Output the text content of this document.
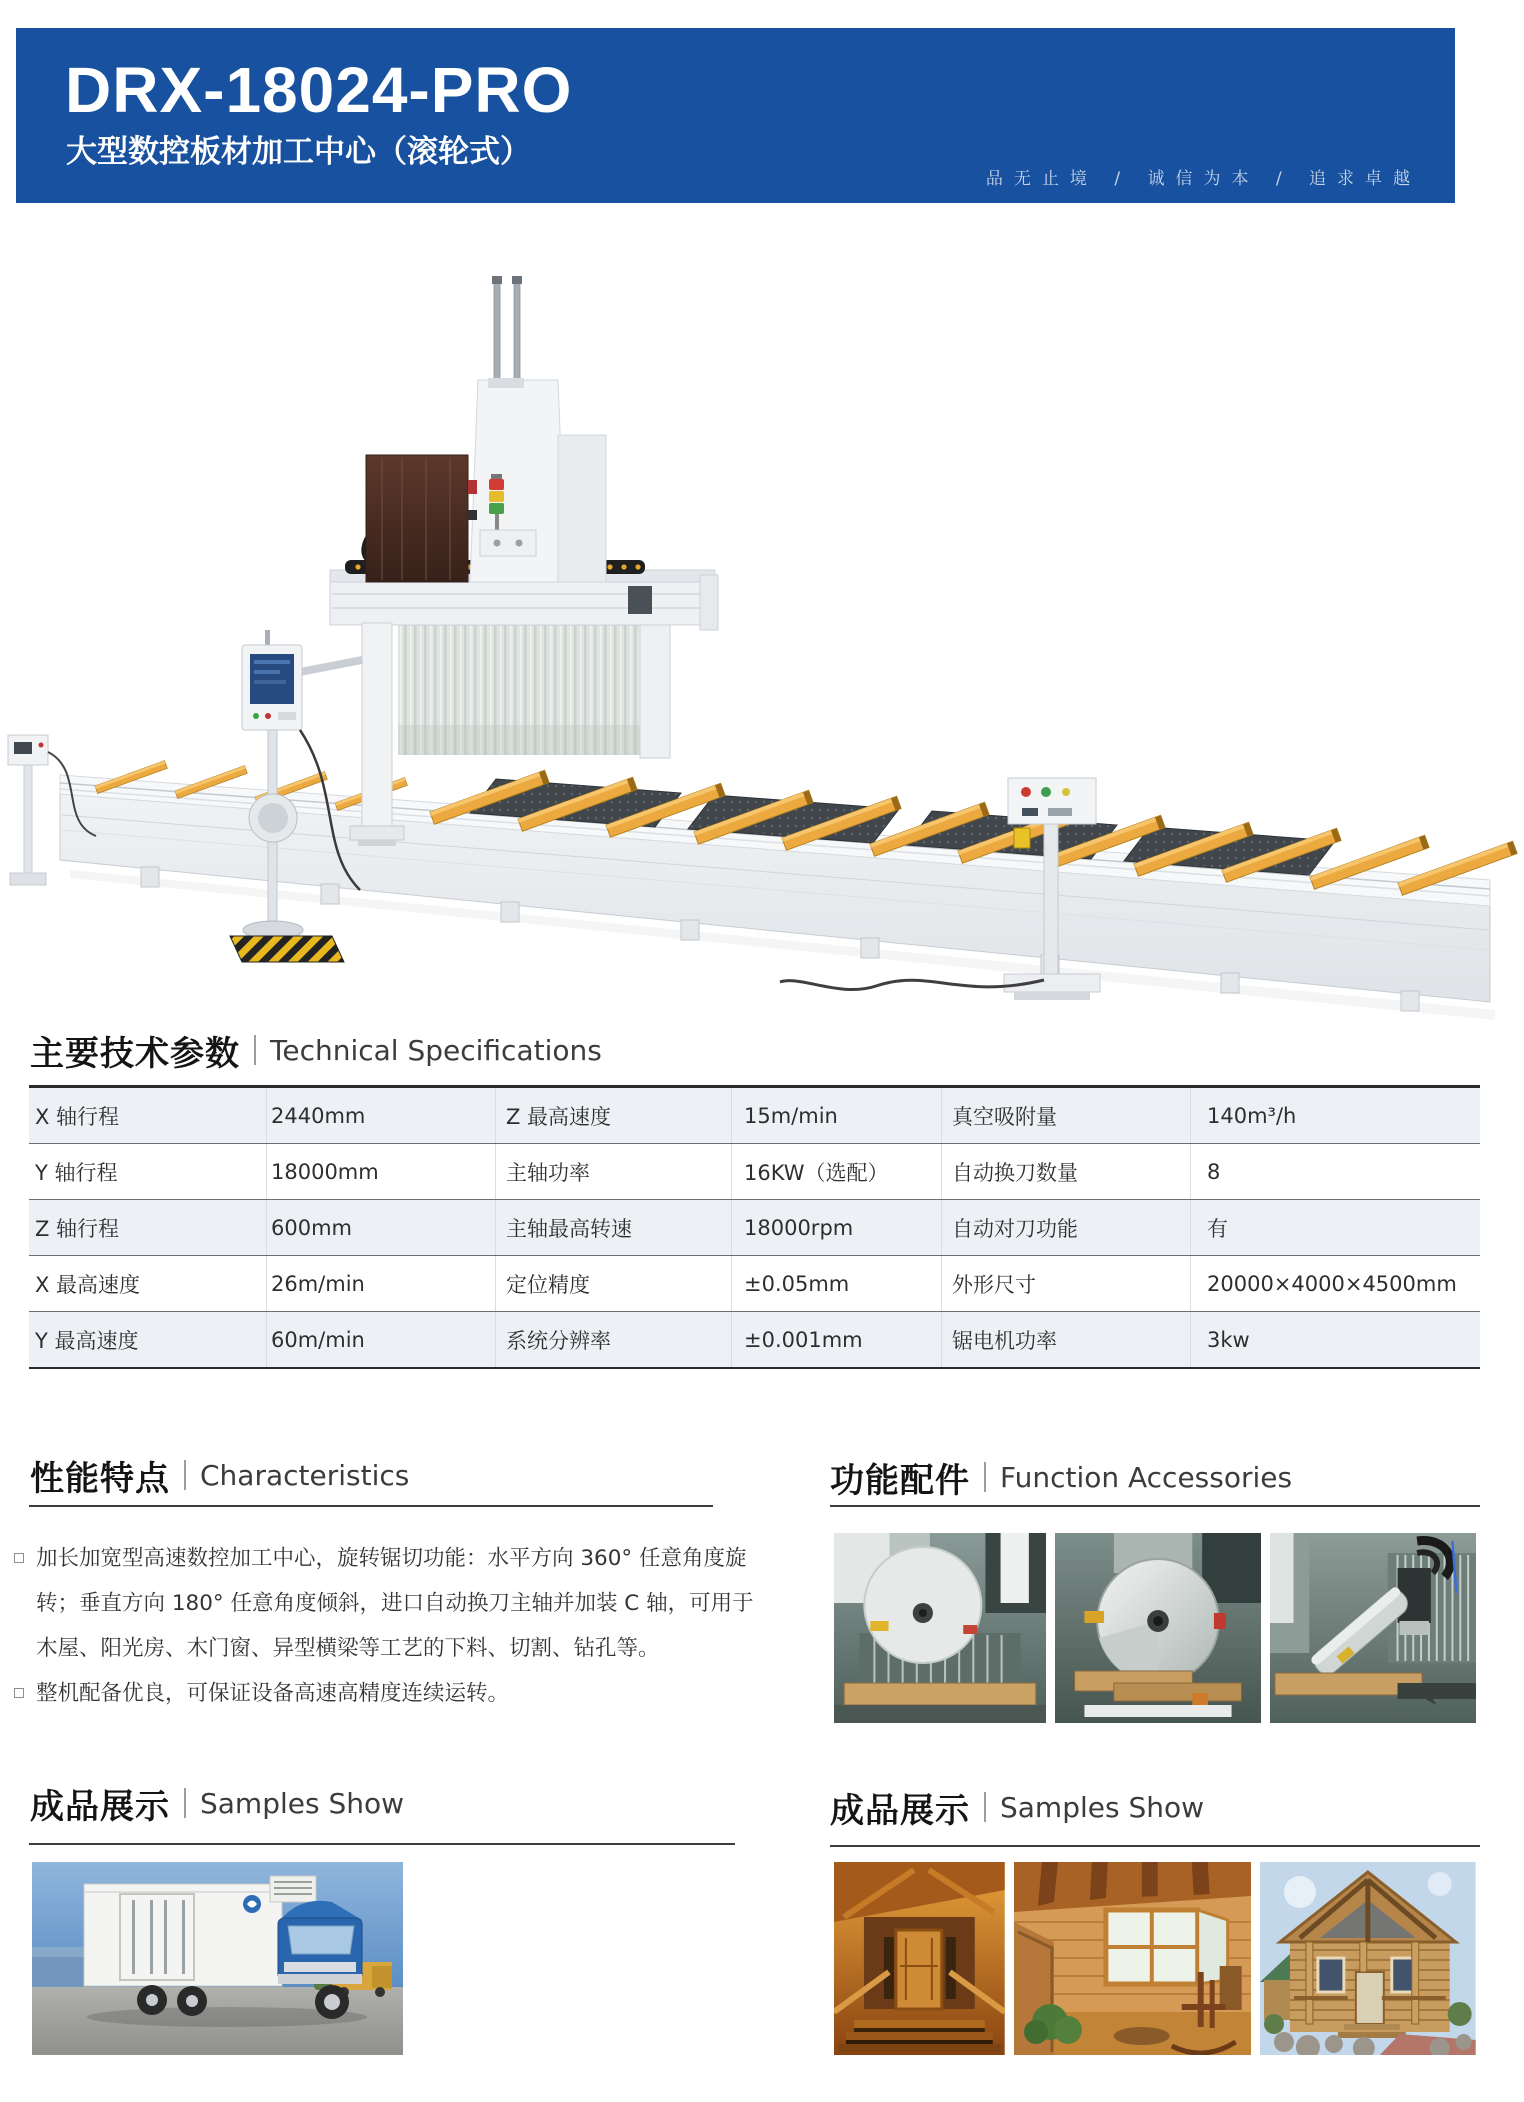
DRX-18024-PRO
大型数控板材加工中心（滚轮式）
品无止境 / 诚信为本 / 追求卓越
主要技术参数 Technical Specifications
X 轴行程	2440mm	Z 最高速度	15m/min	真空吸附量	140m³/h
Y 轴行程	18000mm	主轴功率	16KW（选配）	自动换刀数量	8
Z 轴行程	600mm	主轴最高转速	18000rpm	自动对刀功能	有
X 最高速度	26m/min	定位精度	±0.05mm	外形尺寸	20000×4000×4500mm
Y 最高速度	60m/min	系统分辨率	±0.001mm	锯电机功率	3kw
性能特点 Characteristics
加长加宽型高速数控加工中心，旋转锯切功能：水平方向 360° 任意角度旋转；垂直方向 180° 任意角度倾斜，进口自动换刀主轴并加装 C 轴，可用于木屋、阳光房、木门窗、异型横梁等工艺的下料、切割、钻孔等。
整机配备优良，可保证设备高速高精度连续运转。
功能配件 Function Accessories
成品展示 Samples Show	成品展示 Samples Show
